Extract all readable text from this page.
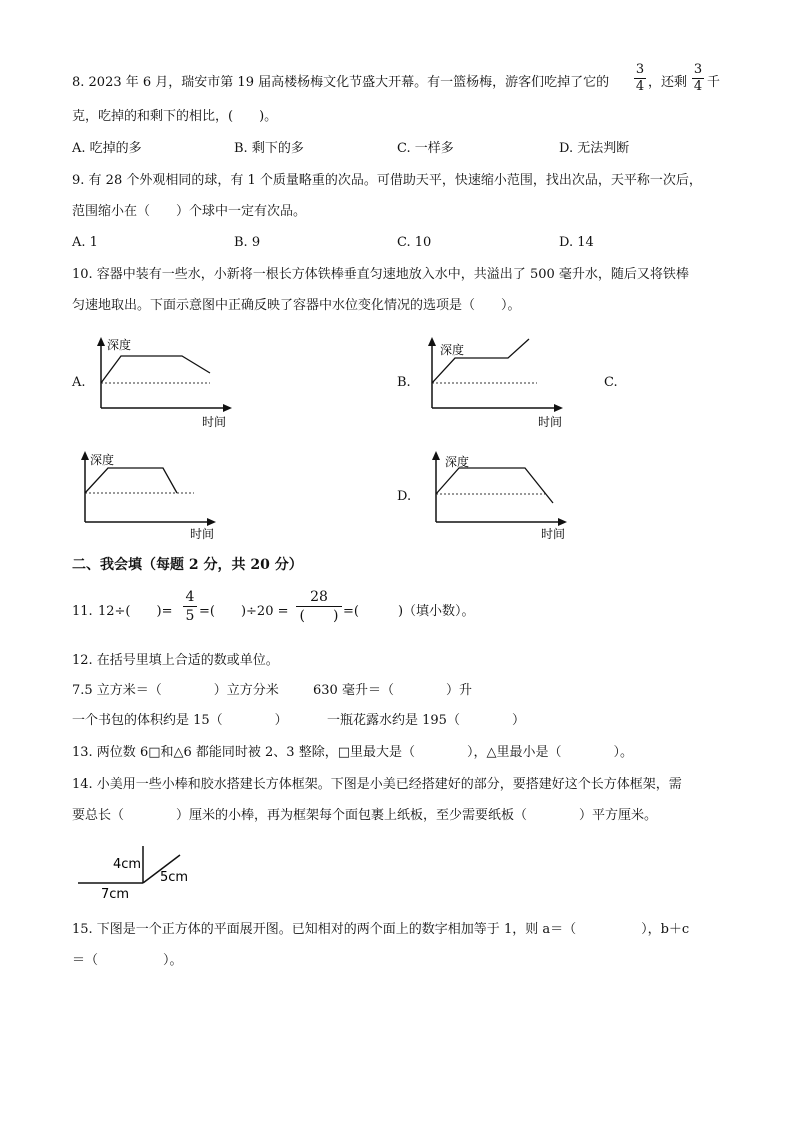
8. 2023 年 6 月，瑞安市第 19 届高楼杨梅文化节盛大开幕。有一篮杨梅，游客们吃掉了它的
3
4 ，还剩
3
4 千
克，吃掉的和剩下的相比，(　　)。
A. 吃掉的多	B. 剩下的多	C. 一样多	D. 无法判断
9. 有 28 个外观相同的球，有 1 个质量略重的次品。可借助天平，快速缩小范围，找出次品，天平称一次后，
范围缩小在（　　）个球中一定有次品。
A. 1	B. 9	C. 10	D. 14
10. 容器中装有一些水，小新将一根长方体铁棒垂直匀速地放入水中，共溢出了 500 毫升水，随后又将铁棒
匀速地取出。下面示意图中正确反映了容器中水位变化情况的选项是（　　）。
A.
深度
时间
B.
深度
时间
C.
深度
时间
D.
深度
时间
二、我会填（每题 2 分，共 20 分）
11. 12÷(　　)=
4
5 =(　　)÷20 =
28
(　　) =(　　　)（填小数）。
12. 在括号里填上合适的数或单位。
7.5 立方米＝（　　　　）立方分米	630 毫升＝（　　　　）升
一个书包的体积约是 15（　　　　）	一瓶花露水约是 195（　　　　）
13. 两位数 6□和△6 都能同时被 2、3 整除，□里最大是（　　　　），△里最小是（　　　　）。
14. 小美用一些小棒和胶水搭建长方体框架。下图是小美已经搭建好的部分，要搭建好这个长方体框架，需
要总长（　　　　）厘米的小棒，再为框架每个面包裹上纸板，至少需要纸板（　　　　）平方厘米。
4cm
5cm
7cm
15. 下图是一个正方体的平面展开图。已知相对的两个面上的数字相加等于 1，则 a＝（　　　　　），b＋c
＝（　　　　　）。
